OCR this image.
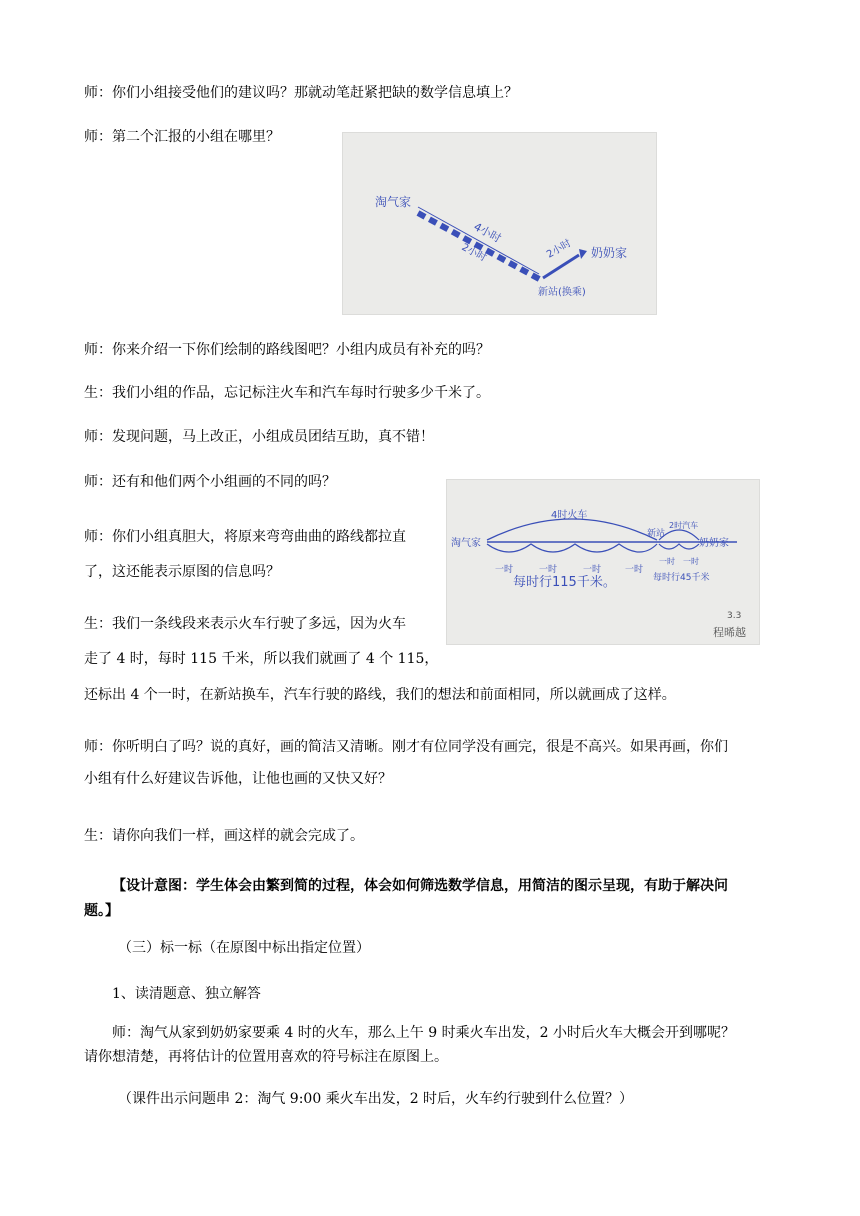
师：你们小组接受他们的建议吗？那就动笔赶紧把缺的数学信息填上？
师：第二个汇报的小组在哪里？
淘气家
4小时
2小时	2小时 奶奶家
新站(换乘)
师：你来介绍一下你们绘制的路线图吧？小组内成员有补充的吗？
生：我们小组的作品，忘记标注火车和汽车每时行驶多少千米了。
师：发现问题，马上改正，小组成员团结互助，真不错！
师：还有和他们两个小组画的不同的吗？
师：你们小组真胆大，将原来弯弯曲曲的路线都拉直
了，这还能表示原图的信息吗？
生：我们一条线段来表示火车行驶了多远，因为火车
走了 4 时，每时 115 千米，所以我们就画了 4 个 115，
淘气家
4时火车
一时	一时	一时	一时
每时行115千米。
新站
2时汽车
一时 一时
奶奶家
每时行45千米
3.3
程晞越
还标出 4 个一时，在新站换车，汽车行驶的路线，我们的想法和前面相同，所以就画成了这样。
师：你听明白了吗？说的真好，画的简洁又清晰。刚才有位同学没有画完，很是不高兴。如果再画，你们
小组有什么好建议告诉他，让他也画的又快又好？
生：请你向我们一样，画这样的就会完成了。
【设计意图：学生体会由繁到简的过程，体会如何筛选数学信息，用简洁的图示呈现，有助于解决问
题。】
（三）标一标（在原图中标出指定位置）
1、读清题意、独立解答
师：淘气从家到奶奶家要乘 4 时的火车，那么上午 9 时乘火车出发，2 小时后火车大概会开到哪呢？
请你想清楚，再将估计的位置用喜欢的符号标注在原图上。
（课件出示问题串 2：淘气 9:00 乘火车出发，2 时后，火车约行驶到什么位置？）
